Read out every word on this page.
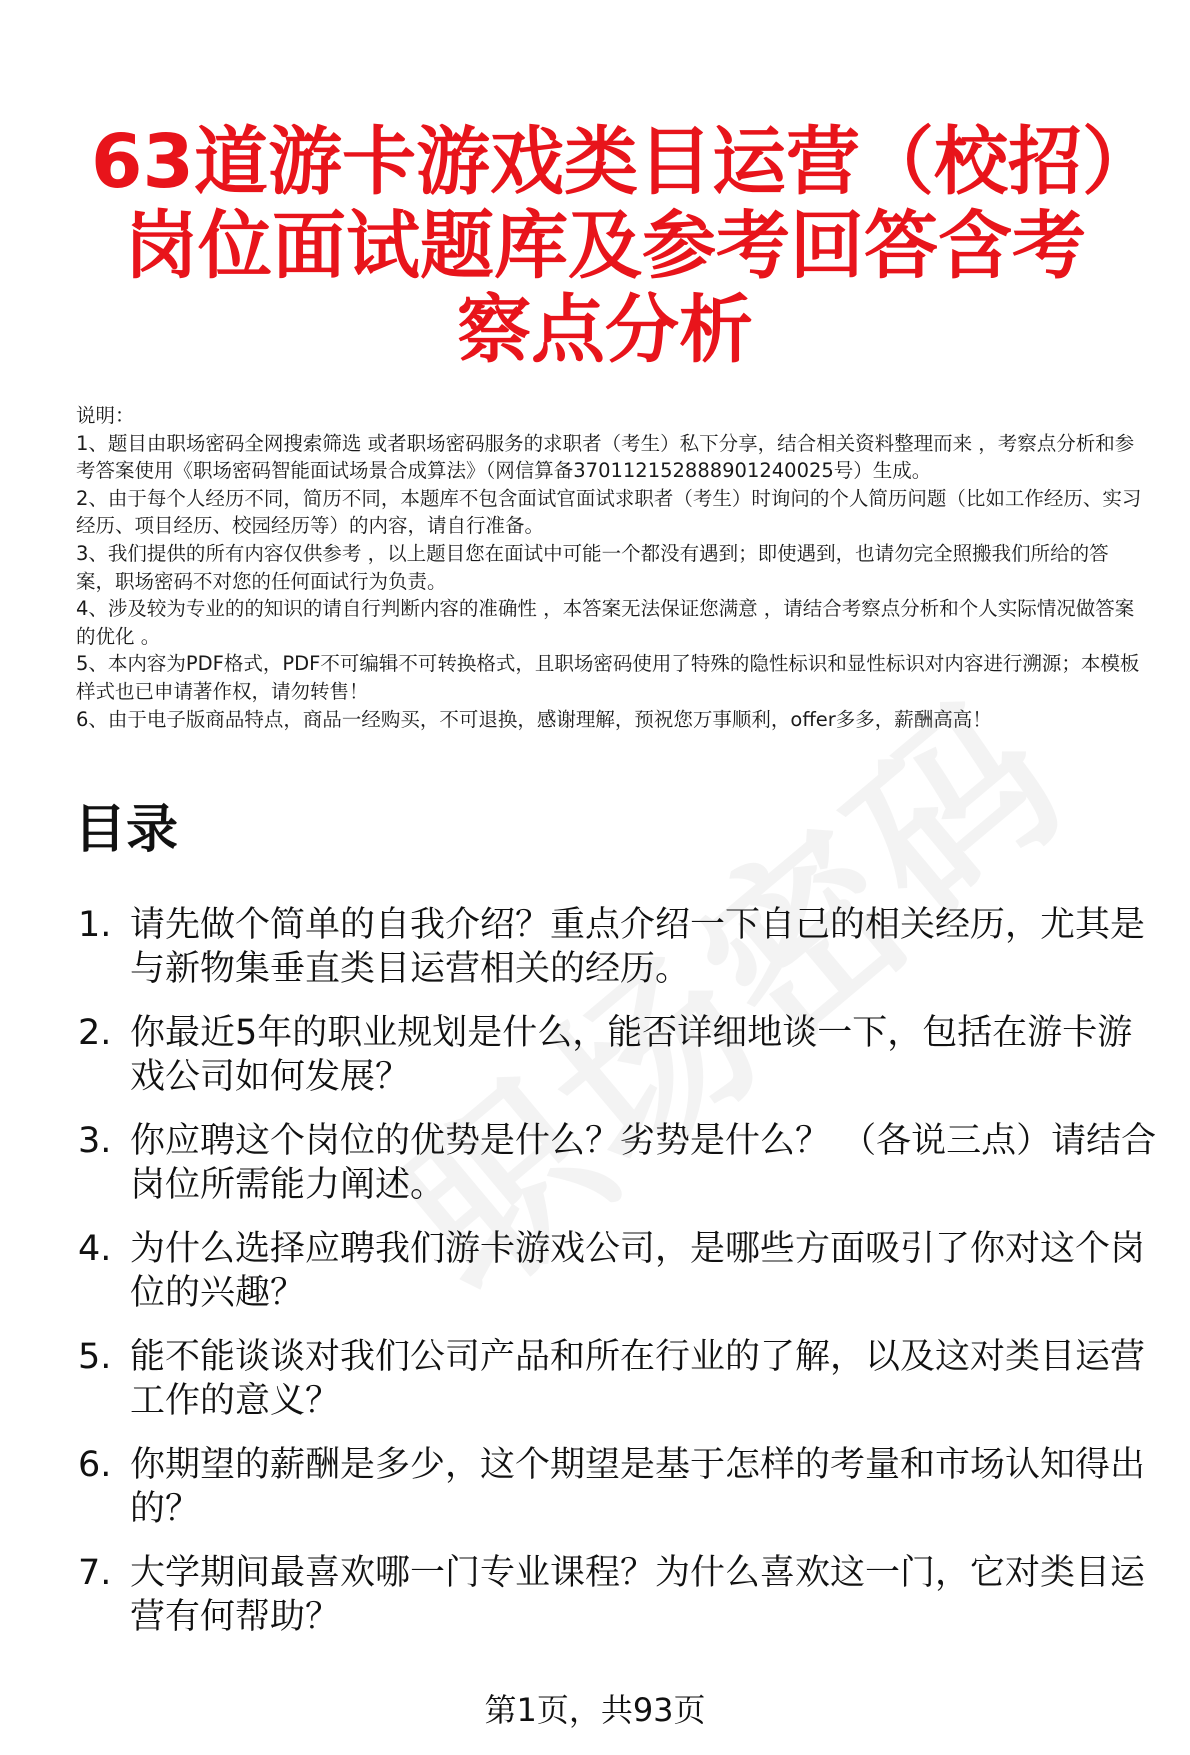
63道游卡游戏类目运营（校招）岗位面试题库及参考回答含考察点分析

说明：

1、题目由职场密码全网搜索筛选 或者职场密码服务的求职者（考生）私下分享，结合相关资料整理而来 ，考察点分析和参考答案使用《职场密码智能面试场景合成算法》（网信算备370112152888901240025号）生成。

2、由于每个人经历不同，简历不同，本题库不包含面试官面试求职者（考生）时询问的个人简历问题（比如工作经历、实习经历、项目经历、校园经历等）的内容，请自行准备。

3、我们提供的所有内容仅供参考 ，以上题目您在面试中可能一个都没有遇到；即使遇到，也请勿完全照搬我们所给的答案，职场密码不对您的任何面试行为负责。

4、涉及较为专业的的知识的请自行判断内容的准确性 ，本答案无法保证您满意 ，请结合考察点分析和个人实际情况做答案的优化 。

5、本内容为PDF格式，PDF不可编辑不可转换格式，且职场密码使用了特殊的隐性标识和显性标识对内容进行溯源；本模板样式也已申请著作权，请勿转售！

6、由于电子版商品特点，商品一经购买，不可退换，感谢理解，预祝您万事顺利，offer多多，薪酬高高！

目录
1. 请先做个简单的自我介绍？重点介绍一下自己的相关经历，尤其是与新物集垂直类目运营相关的经历。
2. 你最近5年的职业规划是什么，能否详细地谈一下，包括在游卡游戏公司如何发展？
3. 你应聘这个岗位的优势是什么？劣势是什么？ （各说三点）请结合岗位所需能力阐述。
4. 为什么选择应聘我们游卡游戏公司，是哪些方面吸引了你对这个岗位的兴趣？
5. 能不能谈谈对我们公司产品和所在行业的了解，以及这对类目运营工作的意义？
6. 你期望的薪酬是多少，这个期望是基于怎样的考量和市场认知得出的？
7. 大学期间最喜欢哪一门专业课程？为什么喜欢这一门，它对类目运营有何帮助？
第1页，共93页
